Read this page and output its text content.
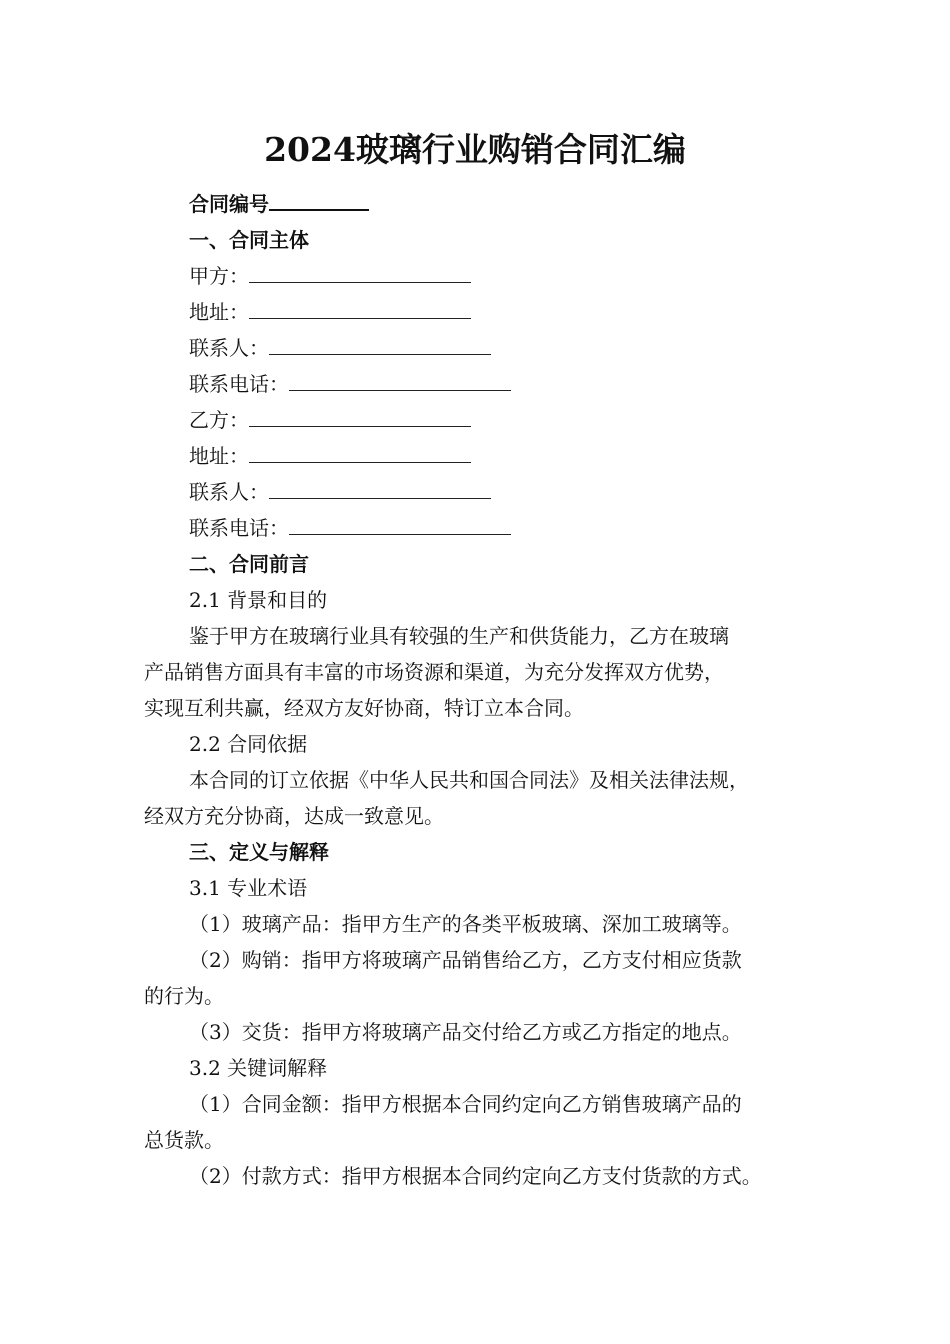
2024玻璃行业购销合同汇编
合同编号
一、合同主体
甲方：
地址：
联系人：
联系电话：
乙方：
地址：
联系人：
联系电话：
二、合同前言
2.1 背景和目的
鉴于甲方在玻璃行业具有较强的生产和供货能力，乙方在玻璃
产品销售方面具有丰富的市场资源和渠道，为充分发挥双方优势，
实现互利共赢，经双方友好协商，特订立本合同。
2.2 合同依据
本合同的订立依据《中华人民共和国合同法》及相关法律法规，
经双方充分协商，达成一致意见。
三、定义与解释
3.1 专业术语
（1）玻璃产品：指甲方生产的各类平板玻璃、深加工玻璃等。
（2）购销：指甲方将玻璃产品销售给乙方，乙方支付相应货款
的行为。
（3）交货：指甲方将玻璃产品交付给乙方或乙方指定的地点。
3.2 关键词解释
（1）合同金额：指甲方根据本合同约定向乙方销售玻璃产品的
总货款。
（2）付款方式：指甲方根据本合同约定向乙方支付货款的方式。
